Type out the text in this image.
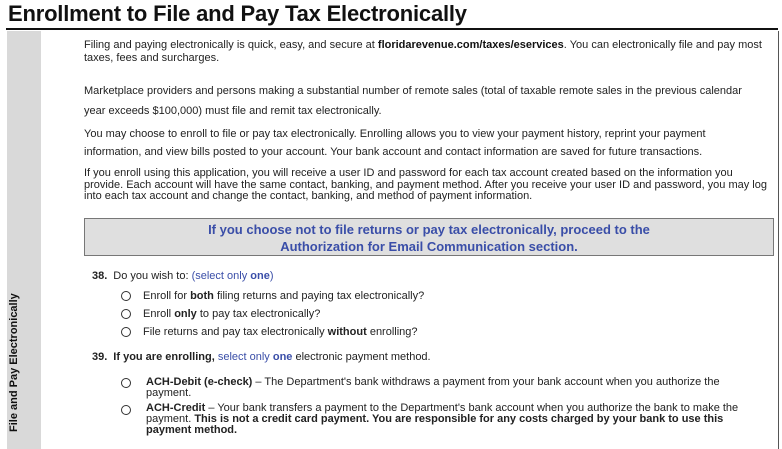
Enrollment to File and Pay Tax Electronically
File and Pay Electronically

Filing and paying electronically is quick, easy, and secure at floridarevenue.com/taxes/eservices. You can electronically file and pay most taxes, fees and surcharges.

Marketplace providers and persons making a substantial number of remote sales (total of taxable remote sales in the previous calendar year exceeds $100,000) must file and remit tax electronically.

You may choose to enroll to file or pay tax electronically. Enrolling allows you to view your payment history, reprint your payment information, and view bills posted to your account. Your bank account and contact information are saved for future transactions.

If you enroll using this application, you will receive a user ID and password for each tax account created based on the information you provide. Each account will have the same contact, banking, and payment method. After you receive your user ID and password, you may log into each tax account and change the contact, banking, and method of payment information.

If you choose not to file returns or pay tax electronically, proceed to the
Authorization for Email Communication section.
38. Do you wish to: (select only one)
Enroll for both filing returns and paying tax electronically?
Enroll only to pay tax electronically?
File returns and pay tax electronically without enrolling?
39. If you are enrolling, select only one electronic payment method.
ACH-Debit (e-check) – The Department's bank withdraws a payment from your bank account when you authorize the payment.
ACH-Credit – Your bank transfers a payment to the Department's bank account when you authorize the bank to make the payment. This is not a credit card payment. You are responsible for any costs charged by your bank to use this payment method.
